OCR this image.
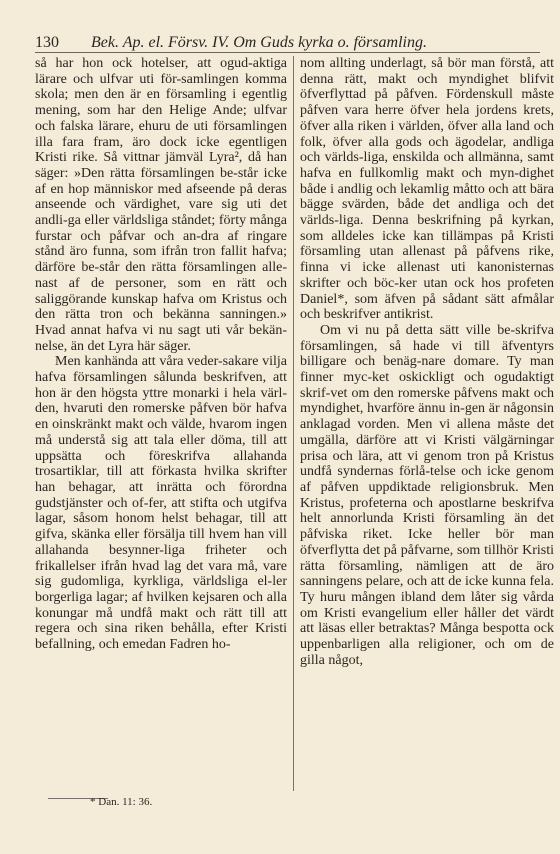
130 Bek. Ap. el. Försv. IV. Om Guds kyrka o. församling.

så har hon ock hotelser, att ogud-aktiga lärare och ulfvar uti för-samlingen komma skola; men den är en församling i egentlig mening, som har den Helige Ande; ulfvar och falska lärare, ehuru de uti församlingen illa fara fram, äro dock icke egentligen Kristi rike. Så vittnar jämväl Lyra², då han säger: »Den rätta församlingen be-står icke af en hop människor med afseende på deras anseende och värdighet, vare sig uti det andli-ga eller världsliga ståndet; förty många furstar och påfvar och an-dra af ringare stånd äro funna, som ifrån tron fallit hafva; därföre be-står den rätta församlingen alle-nast af de personer, som en rätt och saliggörande kunskap hafva om Kristus och den rätta tron och bekänna sanningen.» Hvad annat hafva vi nu sagt uti vår bekän-nelse, än det Lyra här säger.

Men kanhända att våra veder-sakare vilja hafva församlingen sålunda beskrifven, att hon är den högsta yttre monarki i hela värl-den, hvaruti den romerske påfven bör hafva en oinskränkt makt och välde, hvarom ingen må understå sig att tala eller döma, till att uppsätta och föreskrifva allahanda trosartiklar, till att förkasta hvilka skrifter han behagar, att inrätta och förordna gudstjänster och of-fer, att stifta och utgifva lagar, såsom honom helst behagar, till att gifva, skänka eller försälja till hvem han vill allahanda besynner-liga friheter och frikallelser ifrån hvad lag det vara må, vare sig gudomliga, kyrkliga, världsliga el-ler borgerliga lagar; af hvilken kejsaren och alla konungar må undfå makt och rätt till att regera och sina riken behålla, efter Kristi befallning, och emedan Fadren ho-

nom allting underlagt, så bör man förstå, att denna rätt, makt och myndighet blifvit öfverflyttad på påfven. Fördenskull måste påfven vara herre öfver hela jordens krets, öfver alla riken i världen, öfver alla land och folk, öfver alla gods och ägodelar, andliga och världs-liga, enskilda och allmänna, samt hafva en fullkomlig makt och myn-dighet både i andlig och lekamlig måtto och att bära bägge svärden, både det andliga och det världs-liga. Denna beskrifning på kyrkan, som alldeles icke kan tillämpas på Kristi församling utan allenast på påfvens rike, finna vi icke allenast uti kanonisternas skrifter och böc-ker utan ock hos profeten Daniel*, som äfven på sådant sätt afmålar och beskrifver antikrist.

Om vi nu på detta sätt ville be-skrifva församlingen, så hade vi till äfventyrs billigare och benäg-nare domare. Ty man finner myc-ket oskickligt och ogudaktigt skrif-vet om den romerske påfvens makt och myndighet, hvarföre ännu in-gen är någonsin anklagad vorden. Men vi allena måste det umgälla, därföre att vi Kristi välgärningar prisa och lära, att vi genom tron på Kristus undfå syndernas förlå-telse och icke genom af påfven uppdiktade religionsbruk. Men Kristus, profeterna och apostlarne beskrifva helt annorlunda Kristi församling än det påfviska riket. Icke heller bör man öfverflytta det på påfvarne, som tillhör Kristi rätta församling, nämligen att de äro sanningens pelare, och att de icke kunna fela. Ty huru mången ibland dem låter sig vårda om Kristi evangelium eller håller det värdt att läsas eller betraktas? Många bespotta ock uppenbarligen alla religioner, och om de gilla något,

* Dan. 11: 36.
